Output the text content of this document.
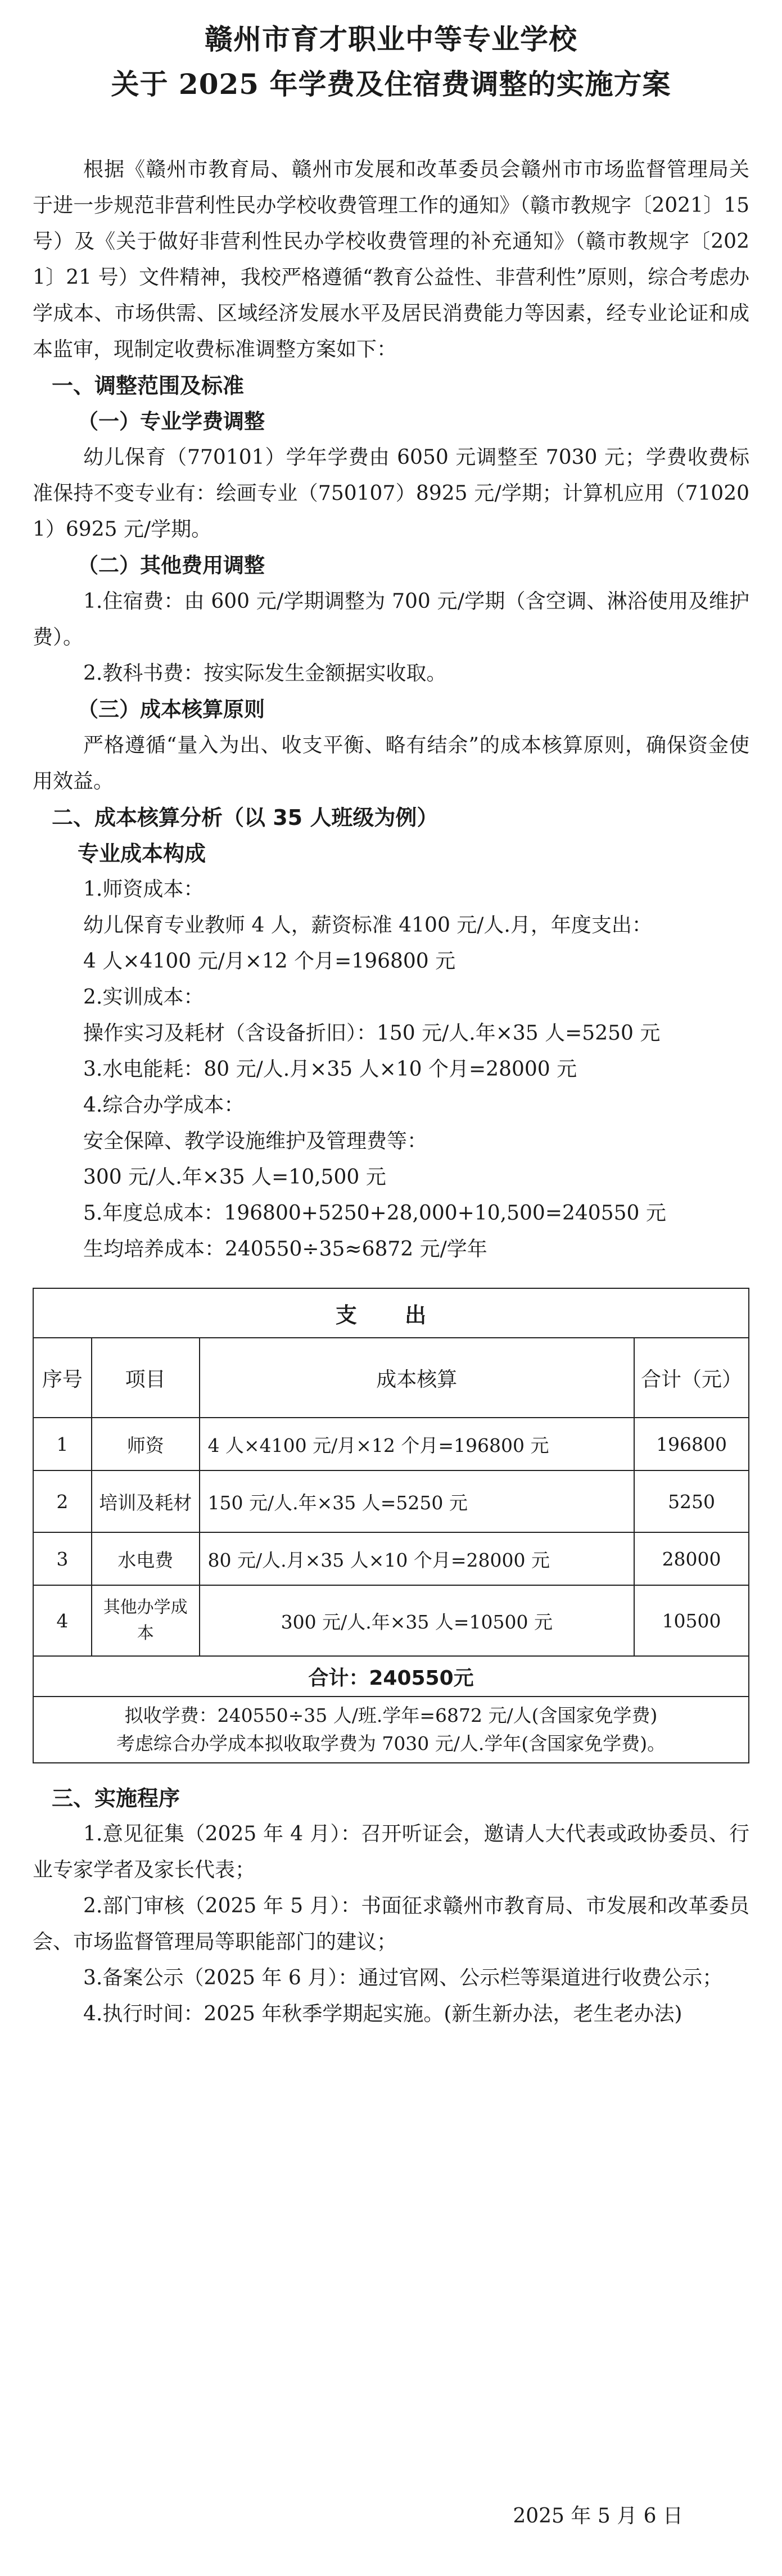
赣州市育才职业中等专业学校
关于 2025 年学费及住宿费调整的实施方案

根据《赣州市教育局、赣州市发展和改革委员会赣州市市场监督管理局关于进一步规范非营利性民办学校收费管理工作的通知》（赣市教规字〔2021〕15 号）及《关于做好非营利性民办学校收费管理的补充通知》（赣市教规字〔2021〕21 号）文件精神，我校严格遵循“教育公益性、非营利性”原则，综合考虑办学成本、市场供需、区域经济发展水平及居民消费能力等因素，经专业论证和成本监审，现制定收费标准调整方案如下：

一、调整范围及标准

（一）专业学费调整

幼儿保育（770101）学年学费由 6050 元调整至 7030 元；学费收费标准保持不变专业有：绘画专业（750107）8925 元/学期；计算机应用（710201）6925 元/学期。

（二）其他费用调整

1.住宿费：由 600 元/学期调整为 700 元/学期（含空调、淋浴使用及维护费）。

2.教科书费：按实际发生金额据实收取。

（三）成本核算原则

严格遵循“量入为出、收支平衡、略有结余”的成本核算原则，确保资金使用效益。

二、成本核算分析（以 35 人班级为例）

专业成本构成

1.师资成本：

幼儿保育专业教师 4 人，薪资标准 4100 元/人.月，年度支出：

4 人×4100 元/月×12 个月=196800 元

2.实训成本：

操作实习及耗材（含设备折旧）：150 元/人.年×35 人=5250 元

3.水电能耗：80 元/人.月×35 人×10 个月=28000 元

4.综合办学成本：

安全保障、教学设施维护及管理费等：

300 元/人.年×35 人=10,500 元

5.年度总成本：196800+5250+28,000+10,500=240550 元

生均培养成本：240550÷35≈6872 元/学年

支 出			
序号	项目	成本核算	合计（元）
1	师资	4 人×4100 元/月×12 个月=196800 元	196800
2	培训及耗材	150 元/人.年×35 人=5250 元	5250
3	水电费	80 元/人.月×35 人×10 个月=28000 元	28000
4	其他办学成本	300 元/人.年×35 人=10500 元	10500
合计：240550元			

拟收学费：240550÷35 人/班.学年=6872 元/人(含国家免学费)
考虑综合办学成本拟收取学费为 7030 元/人.学年(含国家免学费)。			

三、实施程序

1.意见征集（2025 年 4 月）：召开听证会，邀请人大代表或政协委员、行业专家学者及家长代表；

2.部门审核（2025 年 5 月）：书面征求赣州市教育局、市发展和改革委员会、市场监督管理局等职能部门的建议；

3.备案公示（2025 年 6 月）：通过官网、公示栏等渠道进行收费公示；

4.执行时间：2025 年秋季学期起实施。(新生新办法，老生老办法)

2025 年 5 月 6 日
